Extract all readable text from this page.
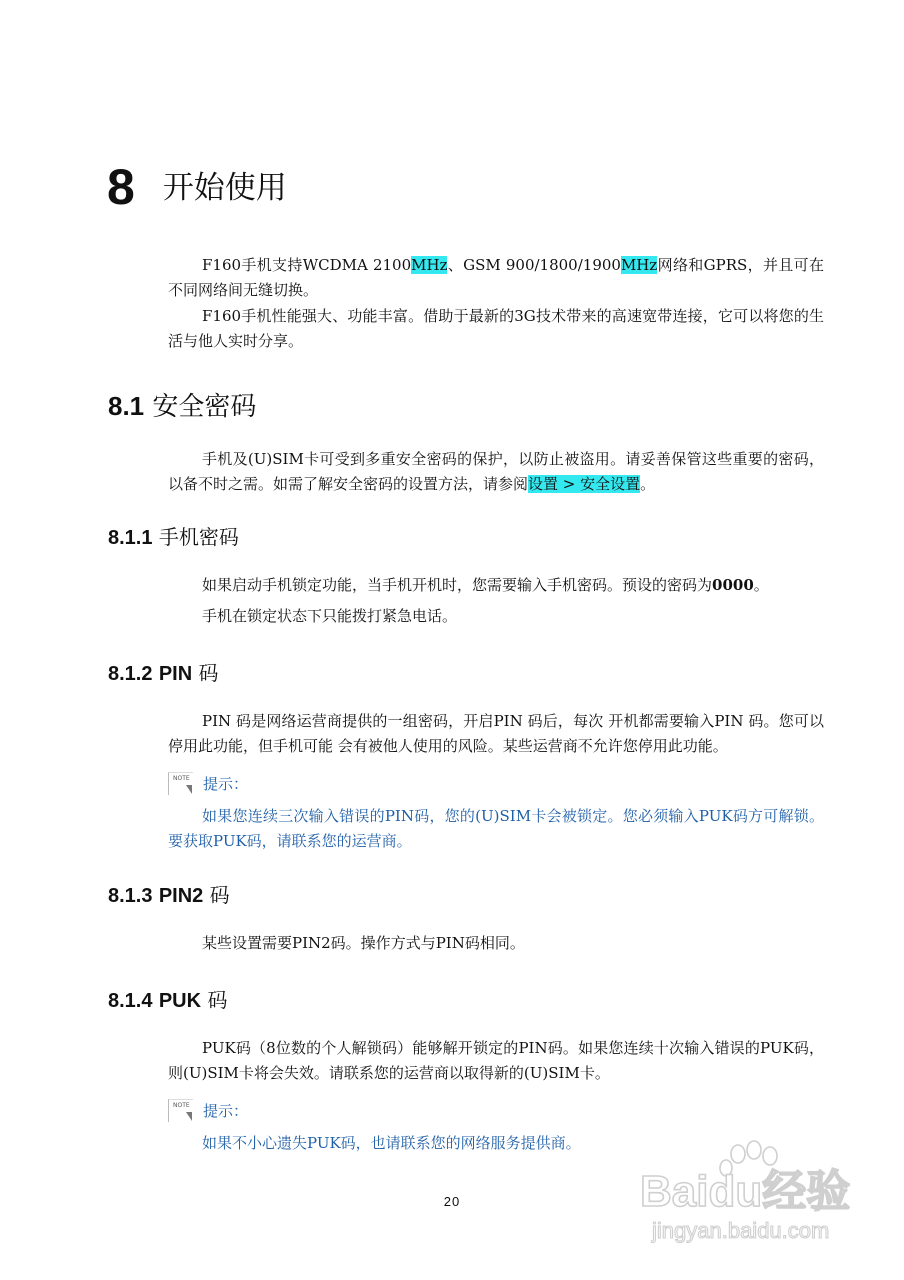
8 开始使用

F160手机支持WCDMA 2100MHz、GSM 900/1800/1900MHz网络和GPRS，并且可在不同网络间无缝切换。

F160手机性能强大、功能丰富。借助于最新的3G技术带来的高速宽带连接，它可以将您的生活与他人实时分享。

8.1 安全密码

手机及(U)SIM卡可受到多重安全密码的保护，以防止被盗用。请妥善保管这些重要的密码，以备不时之需。如需了解安全密码的设置方法，请参阅设置 > 安全设置。

8.1.1 手机密码

如果启动手机锁定功能，当手机开机时，您需要输入手机密码。预设的密码为0000。

手机在锁定状态下只能拨打紧急电话。

8.1.2 PIN 码

PIN 码是网络运营商提供的一组密码，开启PIN 码后，每次 开机都需要输入PIN 码。您可以停用此功能，但手机可能 会有被他人使用的风险。某些运营商不允许您停用此功能。

NOTE 提示：

如果您连续三次输入错误的PIN码，您的(U)SIM卡会被锁定。您必须输入PUK码方可解锁。要获取PUK码，请联系您的运营商。

8.1.3 PIN2 码

某些设置需要PIN2码。操作方式与PIN码相同。

8.1.4 PUK 码

PUK码（8位数的个人解锁码）能够解开锁定的PIN码。如果您连续十次输入错误的PUK码，则(U)SIM卡将会失效。请联系您的运营商以取得新的(U)SIM卡。

NOTE 提示：

如果不小心遗失PUK码，也请联系您的网络服务提供商。

20	Baidu经验
jingyan.baidu.com
